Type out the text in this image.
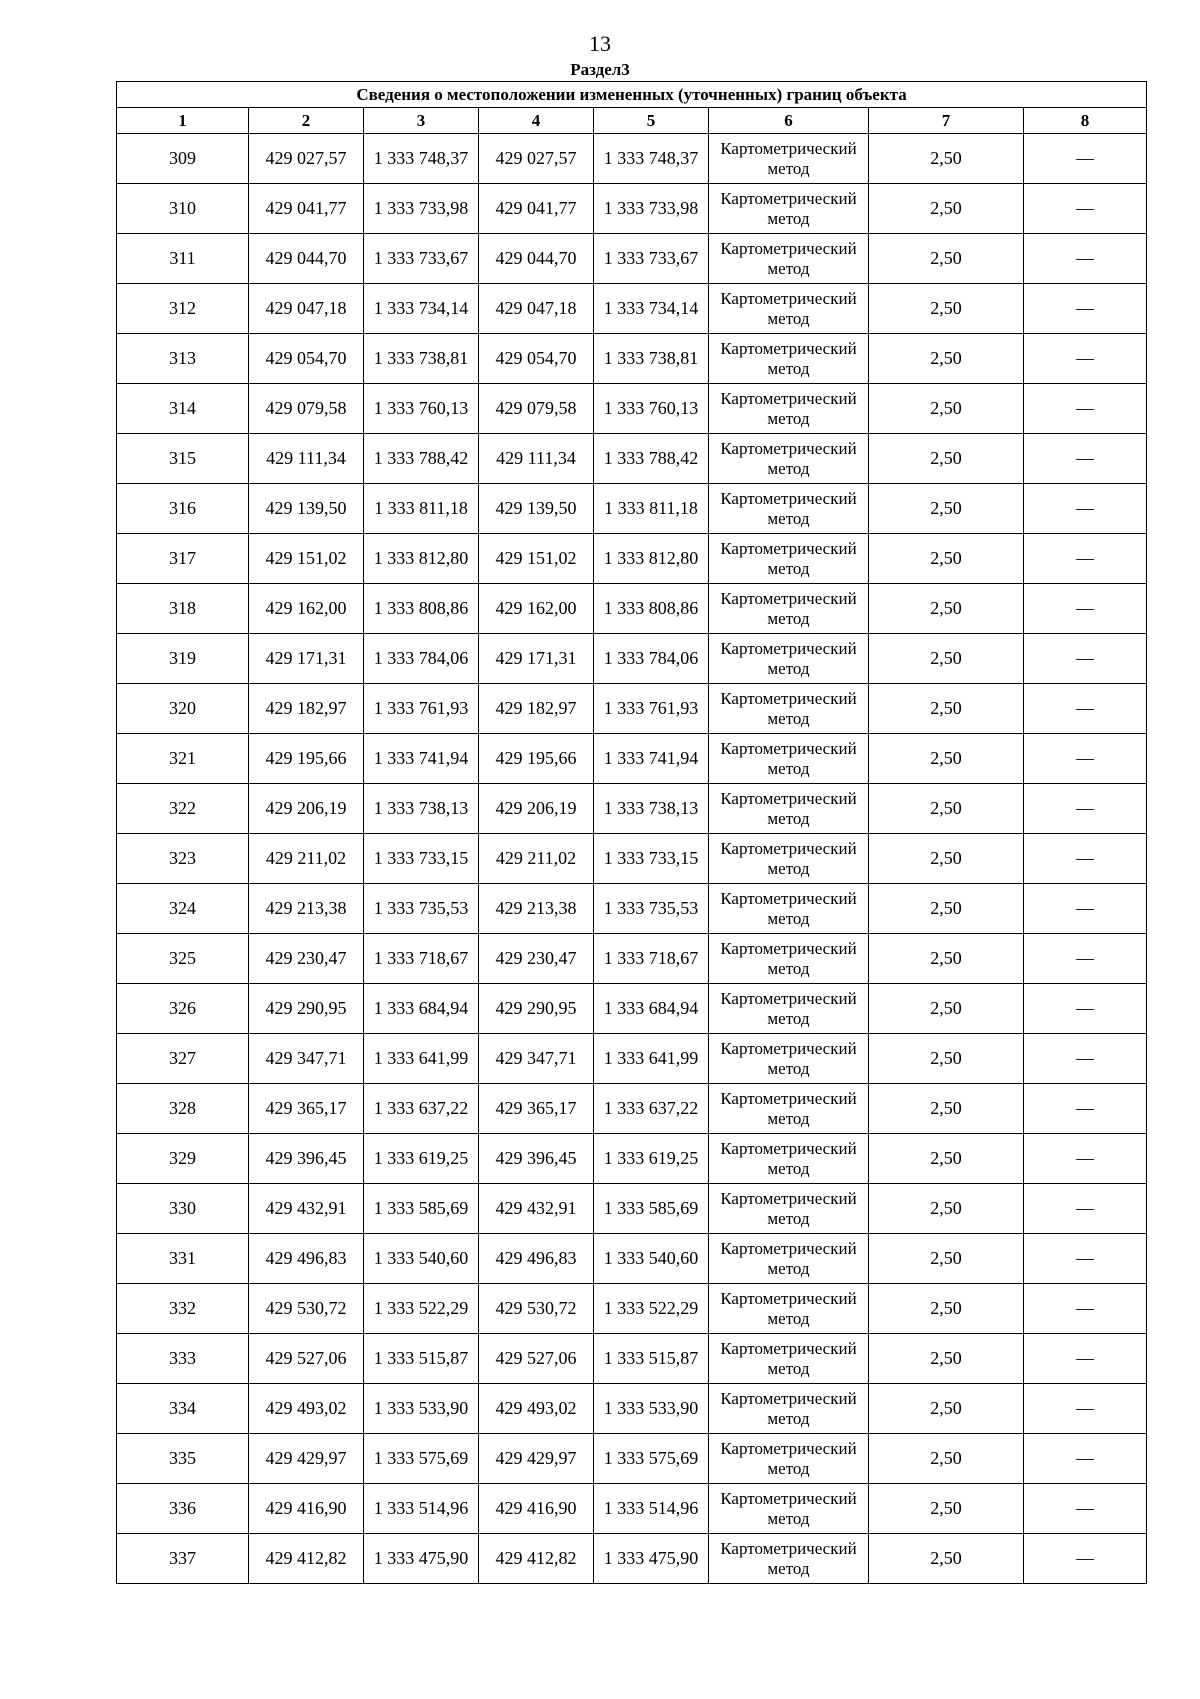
13
Раздел3
Сведения о местоположении измененных (уточненных) границ объекта							
1	2	3	4	5	6	7	8
309	429 027,57	1 333 748,37	429 027,57	1 333 748,37	Картометрический метод	2,50	—
310	429 041,77	1 333 733,98	429 041,77	1 333 733,98	Картометрический метод	2,50	—
311	429 044,70	1 333 733,67	429 044,70	1 333 733,67	Картометрический метод	2,50	—
312	429 047,18	1 333 734,14	429 047,18	1 333 734,14	Картометрический метод	2,50	—
313	429 054,70	1 333 738,81	429 054,70	1 333 738,81	Картометрический метод	2,50	—
314	429 079,58	1 333 760,13	429 079,58	1 333 760,13	Картометрический метод	2,50	—
315	429 111,34	1 333 788,42	429 111,34	1 333 788,42	Картометрический метод	2,50	—
316	429 139,50	1 333 811,18	429 139,50	1 333 811,18	Картометрический метод	2,50	—
317	429 151,02	1 333 812,80	429 151,02	1 333 812,80	Картометрический метод	2,50	—
318	429 162,00	1 333 808,86	429 162,00	1 333 808,86	Картометрический метод	2,50	—
319	429 171,31	1 333 784,06	429 171,31	1 333 784,06	Картометрический метод	2,50	—
320	429 182,97	1 333 761,93	429 182,97	1 333 761,93	Картометрический метод	2,50	—
321	429 195,66	1 333 741,94	429 195,66	1 333 741,94	Картометрический метод	2,50	—
322	429 206,19	1 333 738,13	429 206,19	1 333 738,13	Картометрический метод	2,50	—
323	429 211,02	1 333 733,15	429 211,02	1 333 733,15	Картометрический метод	2,50	—
324	429 213,38	1 333 735,53	429 213,38	1 333 735,53	Картометрический метод	2,50	—
325	429 230,47	1 333 718,67	429 230,47	1 333 718,67	Картометрический метод	2,50	—
326	429 290,95	1 333 684,94	429 290,95	1 333 684,94	Картометрический метод	2,50	—
327	429 347,71	1 333 641,99	429 347,71	1 333 641,99	Картометрический метод	2,50	—
328	429 365,17	1 333 637,22	429 365,17	1 333 637,22	Картометрический метод	2,50	—
329	429 396,45	1 333 619,25	429 396,45	1 333 619,25	Картометрический метод	2,50	—
330	429 432,91	1 333 585,69	429 432,91	1 333 585,69	Картометрический метод	2,50	—
331	429 496,83	1 333 540,60	429 496,83	1 333 540,60	Картометрический метод	2,50	—
332	429 530,72	1 333 522,29	429 530,72	1 333 522,29	Картометрический метод	2,50	—
333	429 527,06	1 333 515,87	429 527,06	1 333 515,87	Картометрический метод	2,50	—
334	429 493,02	1 333 533,90	429 493,02	1 333 533,90	Картометрический метод	2,50	—
335	429 429,97	1 333 575,69	429 429,97	1 333 575,69	Картометрический метод	2,50	—
336	429 416,90	1 333 514,96	429 416,90	1 333 514,96	Картометрический метод	2,50	—
337	429 412,82	1 333 475,90	429 412,82	1 333 475,90	Картометрический метод	2,50	—
